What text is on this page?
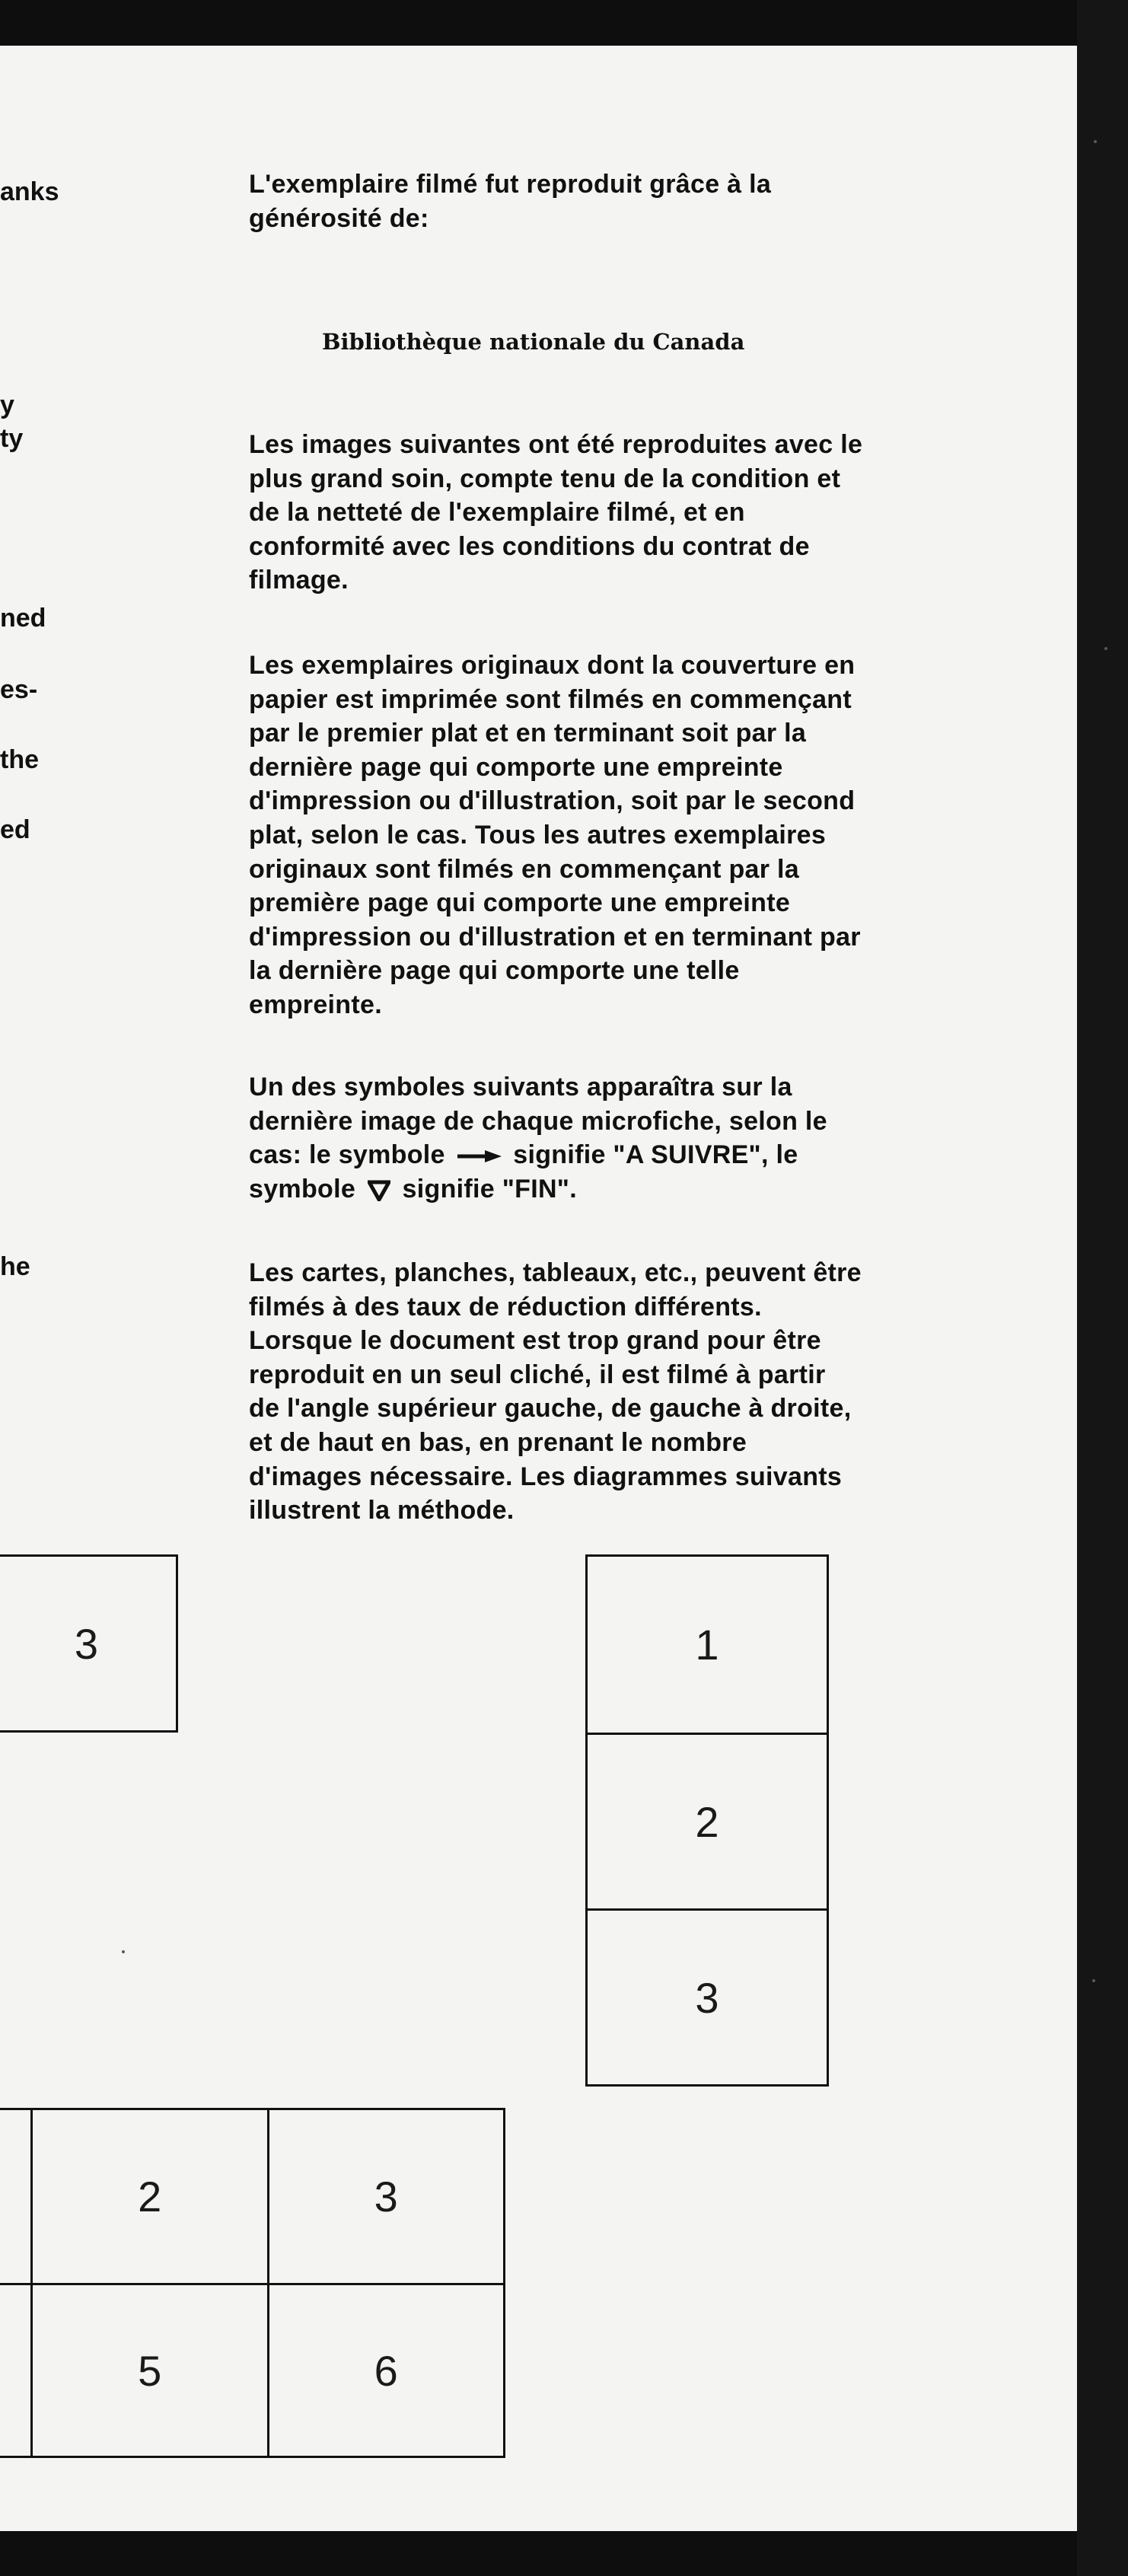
anks
y
ty
ned
es-
the
ed
he
L'exemplaire filmé fut reproduit grâce à la
générosité de:
Bibliothèque nationale du Canada
Les images suivantes ont été reproduites avec le
plus grand soin, compte tenu de la condition et
de la netteté de l'exemplaire filmé, et en
conformité avec les conditions du contrat de
filmage.
Les exemplaires originaux dont la couverture en
papier est imprimée sont filmés en commençant
par le premier plat et en terminant soit par la
dernière page qui comporte une empreinte
d'impression ou d'illustration, soit par le second
plat, selon le cas. Tous les autres exemplaires
originaux sont filmés en commençant par la
première page qui comporte une empreinte
d'impression ou d'illustration et en terminant par
la dernière page qui comporte une telle
empreinte.
Un des symboles suivants apparaîtra sur la
dernière image de chaque microfiche, selon le
cas: le symbole	signifie "A SUIVRE", le
symbole signifie "FIN".
Les cartes, planches, tableaux, etc., peuvent être
filmés à des taux de réduction différents.
Lorsque le document est trop grand pour être
reproduit en un seul cliché, il est filmé à partir
de l'angle supérieur gauche, de gauche à droite,
et de haut en bas, en prenant le nombre
d'images nécessaire. Les diagrammes suivants
illustrent la méthode.
3	1
2
3
2	3
5	6
